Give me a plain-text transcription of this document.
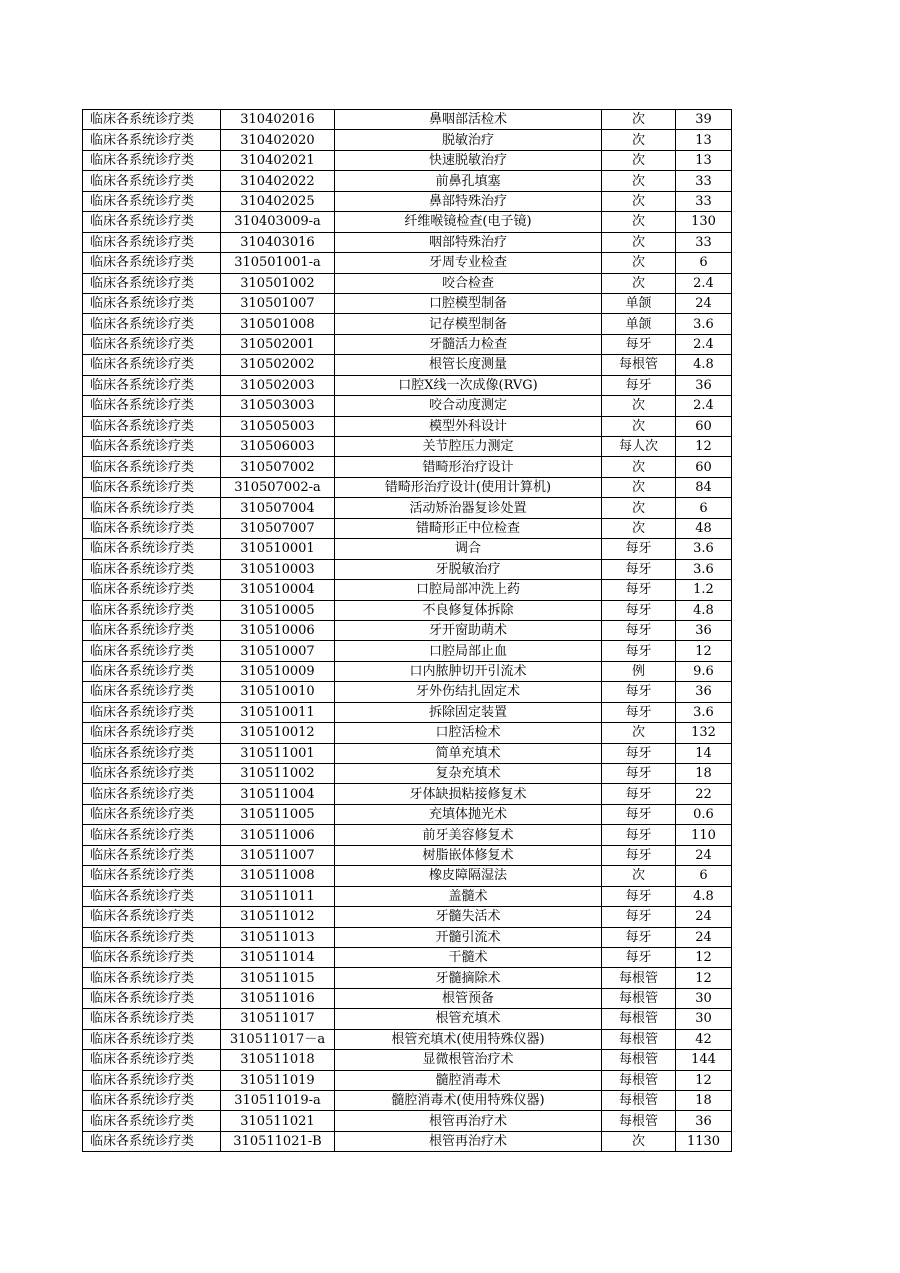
临床各系统诊疗类	310402016	鼻咽部活检术	次	39
临床各系统诊疗类	310402020	脱敏治疗	次	13
临床各系统诊疗类	310402021	快速脱敏治疗	次	13
临床各系统诊疗类	310402022	前鼻孔填塞	次	33
临床各系统诊疗类	310402025	鼻部特殊治疗	次	33
临床各系统诊疗类	310403009-a	纤维喉镜检查(电子镜)	次	130
临床各系统诊疗类	310403016	咽部特殊治疗	次	33
临床各系统诊疗类	310501001-a	牙周专业检查	次	6
临床各系统诊疗类	310501002	咬合检查	次	2.4
临床各系统诊疗类	310501007	口腔模型制备	单颌	24
临床各系统诊疗类	310501008	记存模型制备	单颌	3.6
临床各系统诊疗类	310502001	牙髓活力检查	每牙	2.4
临床各系统诊疗类	310502002	根管长度测量	每根管	4.8
临床各系统诊疗类	310502003	口腔X线一次成像(RVG)	每牙	36
临床各系统诊疗类	310503003	咬合动度测定	次	2.4
临床各系统诊疗类	310505003	模型外科设计	次	60
临床各系统诊疗类	310506003	关节腔压力测定	每人次	12
临床各系统诊疗类	310507002	错畸形治疗设计	次	60
临床各系统诊疗类	310507002-a	错畸形治疗设计(使用计算机)	次	84
临床各系统诊疗类	310507004	活动矫治器复诊处置	次	6
临床各系统诊疗类	310507007	错畸形正中位检查	次	48
临床各系统诊疗类	310510001	调合	每牙	3.6
临床各系统诊疗类	310510003	牙脱敏治疗	每牙	3.6
临床各系统诊疗类	310510004	口腔局部冲洗上药	每牙	1.2
临床各系统诊疗类	310510005	不良修复体拆除	每牙	4.8
临床各系统诊疗类	310510006	牙开窗助萌术	每牙	36
临床各系统诊疗类	310510007	口腔局部止血	每牙	12
临床各系统诊疗类	310510009	口内脓肿切开引流术	例	9.6
临床各系统诊疗类	310510010	牙外伤结扎固定术	每牙	36
临床各系统诊疗类	310510011	拆除固定装置	每牙	3.6
临床各系统诊疗类	310510012	口腔活检术	次	132
临床各系统诊疗类	310511001	简单充填术	每牙	14
临床各系统诊疗类	310511002	复杂充填术	每牙	18
临床各系统诊疗类	310511004	牙体缺损粘接修复术	每牙	22
临床各系统诊疗类	310511005	充填体抛光术	每牙	0.6
临床各系统诊疗类	310511006	前牙美容修复术	每牙	110
临床各系统诊疗类	310511007	树脂嵌体修复术	每牙	24
临床各系统诊疗类	310511008	橡皮障隔湿法	次	6
临床各系统诊疗类	310511011	盖髓术	每牙	4.8
临床各系统诊疗类	310511012	牙髓失活术	每牙	24
临床各系统诊疗类	310511013	开髓引流术	每牙	24
临床各系统诊疗类	310511014	干髓术	每牙	12
临床各系统诊疗类	310511015	牙髓摘除术	每根管	12
临床各系统诊疗类	310511016	根管预备	每根管	30
临床各系统诊疗类	310511017	根管充填术	每根管	30
临床各系统诊疗类	310511017－a	根管充填术(使用特殊仪器)	每根管	42
临床各系统诊疗类	310511018	显微根管治疗术	每根管	144
临床各系统诊疗类	310511019	髓腔消毒术	每根管	12
临床各系统诊疗类	310511019-a	髓腔消毒术(使用特殊仪器)	每根管	18
临床各系统诊疗类	310511021	根管再治疗术	每根管	36
临床各系统诊疗类	310511021-B	根管再治疗术	次	1130
